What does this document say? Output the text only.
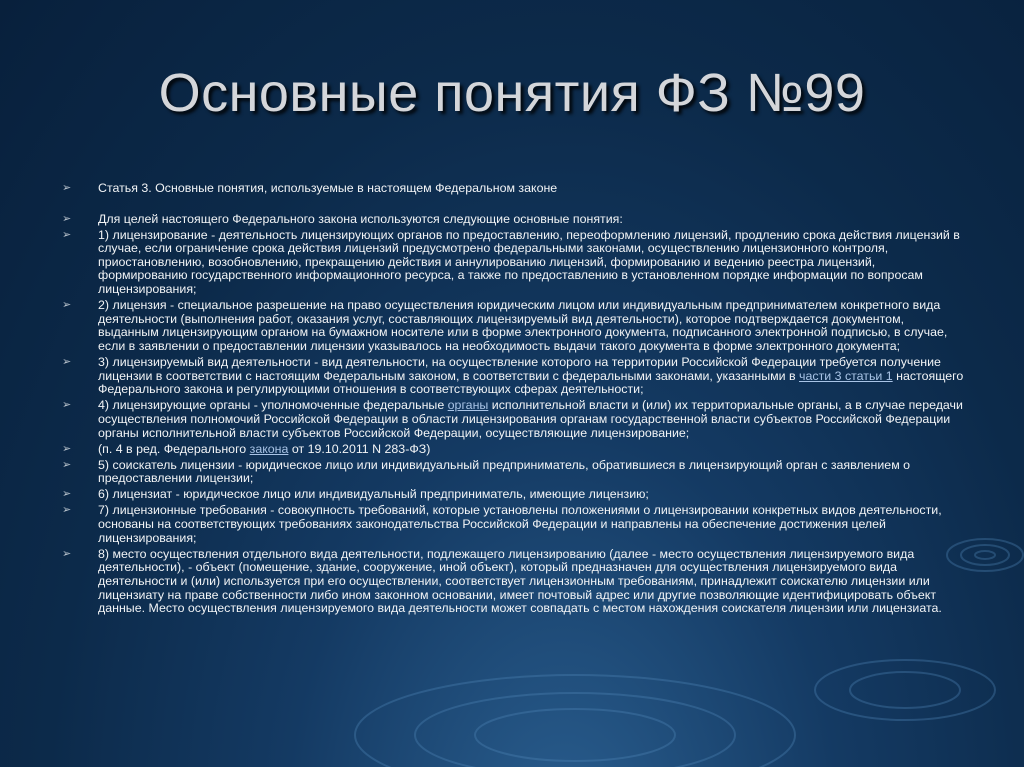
Основные понятия ФЗ №99
➢	Статья 3. Основные понятия, используемые в настоящем Федеральном законе
➢	Для целей настоящего Федерального закона используются следующие основные понятия:
➢	1) лицензирование - деятельность лицензирующих органов по предоставлению, переоформлению лицензий, продлению срока действия лицензий в случае, если ограничение срока действия лицензий предусмотрено федеральными законами, осуществлению лицензионного контроля, приостановлению, возобновлению, прекращению действия и аннулированию лицензий, формированию и ведению реестра лицензий, формированию государственного информационного ресурса, а также по предоставлению в установленном порядке информации по вопросам лицензирования;
➢	2) лицензия - специальное разрешение на право осуществления юридическим лицом или индивидуальным предпринимателем конкретного вида деятельности (выполнения работ, оказания услуг, составляющих лицензируемый вид деятельности), которое подтверждается документом, выданным лицензирующим органом на бумажном носителе или в форме электронного документа, подписанного электронной подписью, в случае, если в заявлении о предоставлении лицензии указывалось на необходимость выдачи такого документа в форме электронного документа;
➢	3) лицензируемый вид деятельности - вид деятельности, на осуществление которого на территории Российской Федерации требуется получение лицензии в соответствии с настоящим Федеральным законом, в соответствии с федеральными законами, указанными в части 3 статьи 1 настоящего Федерального закона и регулирующими отношения в соответствующих сферах деятельности;
➢	4) лицензирующие органы - уполномоченные федеральные органы исполнительной власти и (или) их территориальные органы, а в случае передачи осуществления полномочий Российской Федерации в области лицензирования органам государственной власти субъектов Российской Федерации органы исполнительной власти субъектов Российской Федерации, осуществляющие лицензирование;
➢	(п. 4 в ред. Федерального закона от 19.10.2011 N 283-ФЗ)
➢	5) соискатель лицензии - юридическое лицо или индивидуальный предприниматель, обратившиеся в лицензирующий орган с заявлением о предоставлении лицензии;
➢	6) лицензиат - юридическое лицо или индивидуальный предприниматель, имеющие лицензию;
➢	7) лицензионные требования - совокупность требований, которые установлены положениями о лицензировании конкретных видов деятельности, основаны на соответствующих требованиях законодательства Российской Федерации и направлены на обеспечение достижения целей лицензирования;
➢	8) место осуществления отдельного вида деятельности, подлежащего лицензированию (далее - место осуществления лицензируемого вида деятельности), - объект (помещение, здание, сооружение, иной объект), который предназначен для осуществления лицензируемого вида деятельности и (или) используется при его осуществлении, соответствует лицензионным требованиям, принадлежит соискателю лицензии или лицензиату на праве собственности либо ином законном основании, имеет почтовый адрес или другие позволяющие идентифицировать объект данные. Место осуществления лицензируемого вида деятельности может совпадать с местом нахождения соискателя лицензии или лицензиата.
